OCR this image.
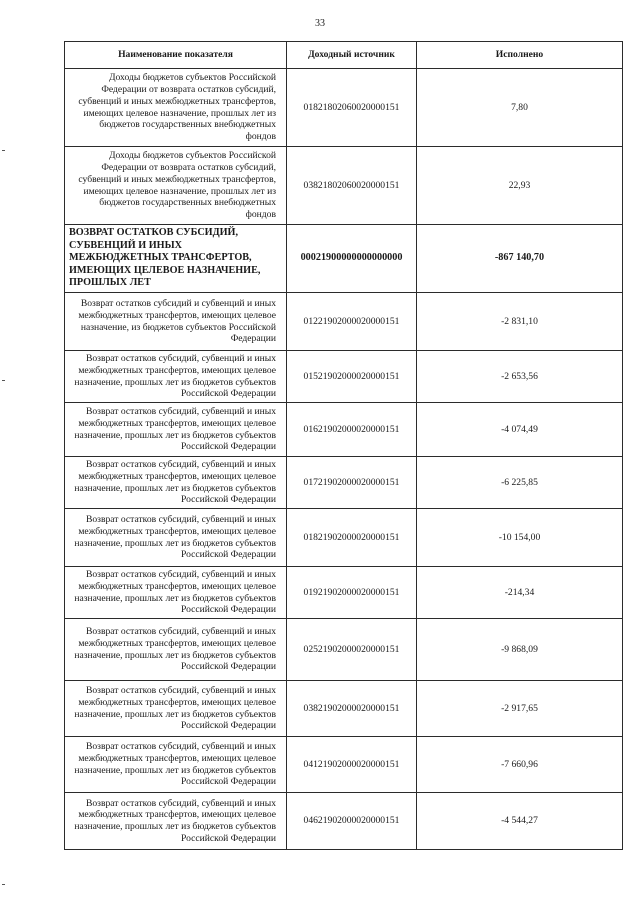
33
Наименование показателя	Доходный источник	Исполнено
Доходы бюджетов субъектов Российской Федерации от возврата остатков субсидий, субвенций и иных межбюджетных трансфертов, имеющих целевое назначение, прошлых лет из бюджетов государственных внебюджетных фондов	01821802060020000151	7,80
Доходы бюджетов субъектов Российской Федерации от возврата остатков субсидий, субвенций и иных межбюджетных трансфертов, имеющих целевое назначение, прошлых лет из бюджетов государственных внебюджетных фондов	03821802060020000151	22,93
ВОЗВРАТ ОСТАТКОВ СУБСИДИЙ, СУБВЕНЦИЙ И ИНЫХ МЕЖБЮДЖЕТНЫХ ТРАНСФЕРТОВ, ИМЕЮЩИХ ЦЕЛЕВОЕ НАЗНАЧЕНИЕ, ПРОШЛЫХ ЛЕТ	00021900000000000000	-867 140,70
Возврат остатков субсидий и субвенций и иных межбюджетных трансфертов, имеющих целевое назначение, из бюджетов субъектов Российской Федерации	01221902000020000151	-2 831,10
Возврат остатков субсидий, субвенций и иных межбюджетных трансфертов, имеющих целевое назначение, прошлых лет из бюджетов субъектов Российской Федерации	01521902000020000151	-2 653,56
Возврат остатков субсидий, субвенций и иных межбюджетных трансфертов, имеющих целевое назначение, прошлых лет из бюджетов субъектов Российской Федерации	01621902000020000151	-4 074,49
Возврат остатков субсидий, субвенций и иных межбюджетных трансфертов, имеющих целевое назначение, прошлых лет из бюджетов субъектов Российской Федерации	01721902000020000151	-6 225,85
Возврат остатков субсидий, субвенций и иных межбюджетных трансфертов, имеющих целевое назначение, прошлых лет из бюджетов субъектов Российской Федерации	01821902000020000151	-10 154,00
Возврат остатков субсидий, субвенций и иных межбюджетных трансфертов, имеющих целевое назначение, прошлых лет из бюджетов субъектов Российской Федерации	01921902000020000151	-214,34
Возврат остатков субсидий, субвенций и иных межбюджетных трансфертов, имеющих целевое назначение, прошлых лет из бюджетов субъектов Российской Федерации	02521902000020000151	-9 868,09
Возврат остатков субсидий, субвенций и иных межбюджетных трансфертов, имеющих целевое назначение, прошлых лет из бюджетов субъектов Российской Федерации	03821902000020000151	-2 917,65
Возврат остатков субсидий, субвенций и иных межбюджетных трансфертов, имеющих целевое назначение, прошлых лет из бюджетов субъектов Российской Федерации	04121902000020000151	-7 660,96
Возврат остатков субсидий, субвенций и иных межбюджетных трансфертов, имеющих целевое назначение, прошлых лет из бюджетов субъектов Российской Федерации	04621902000020000151	-4 544,27
